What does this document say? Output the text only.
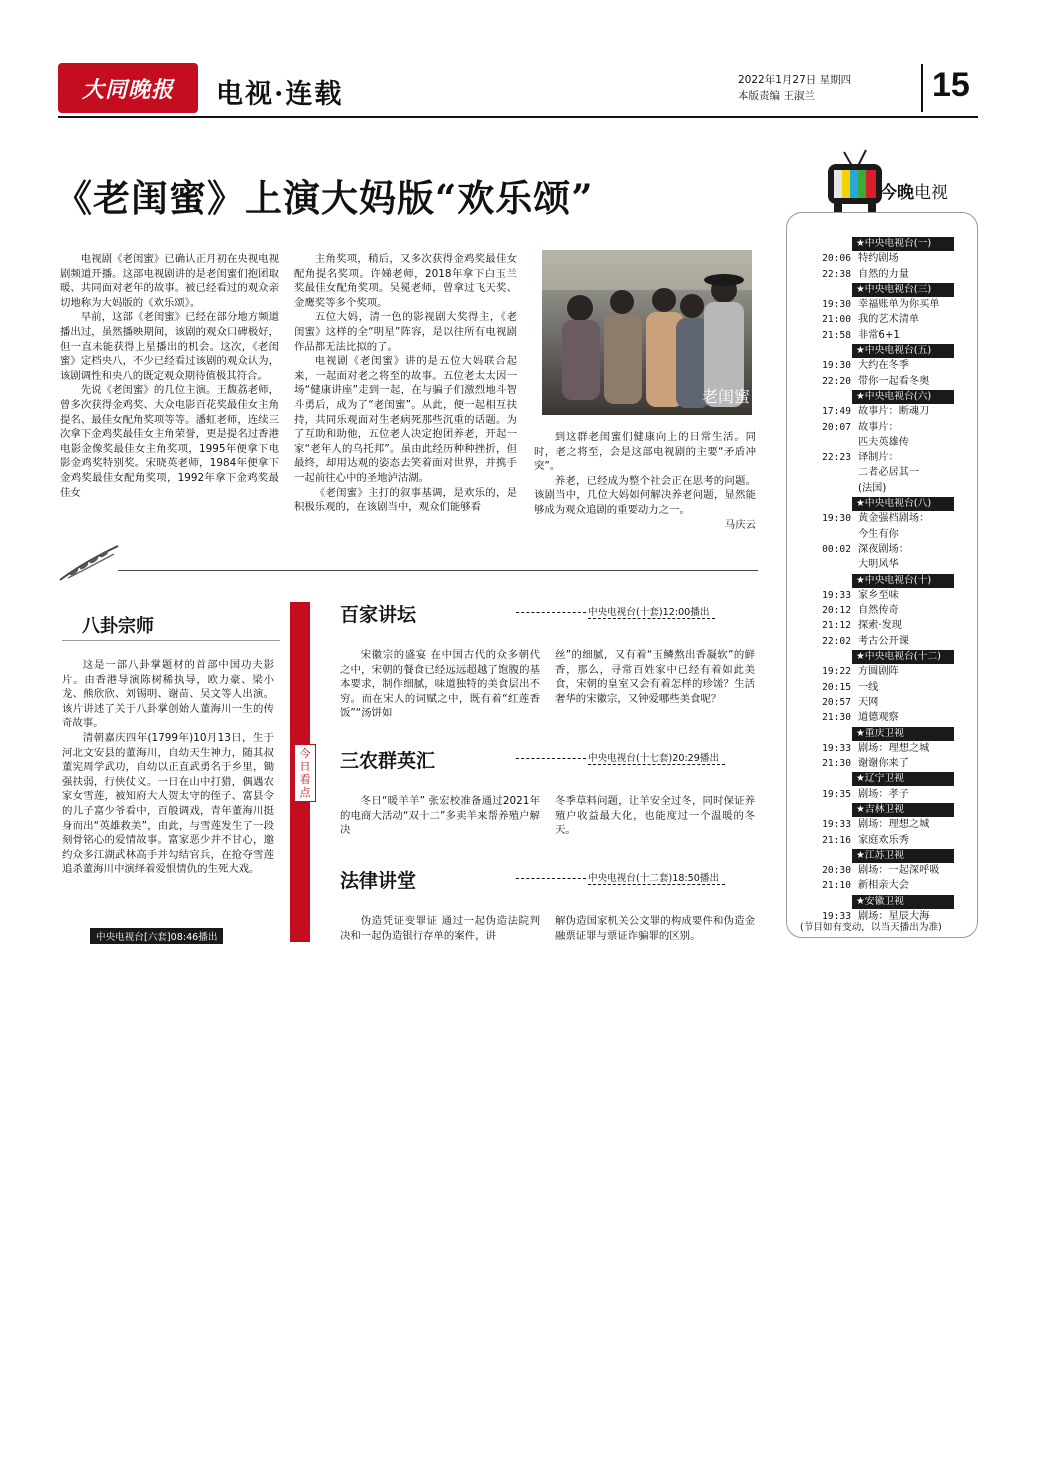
大同晚报 电视·连载	2022年1月27日 星期四
本版责编 王淑兰	15
《老闺蜜》上演大妈版“欢乐颂”

电视剧《老闺蜜》已确认正月初在央视电视剧频道开播。这部电视剧讲的是老闺蜜们抱团取暖、共同面对老年的故事。被已经看过的观众亲切地称为大妈版的《欢乐颂》。

早前，这部《老闺蜜》已经在部分地方频道播出过，虽然播映期间，该剧的观众口碑极好，但一直未能获得上星播出的机会。这次，《老闺蜜》定档央八，不少已经看过该剧的观众认为，该剧调性和央八的既定观众期待值极其符合。

先说《老闺蜜》的几位主演。王馥荔老师，曾多次获得金鸡奖、大众电影百花奖最佳女主角提名、最佳女配角奖项等等。潘虹老师，连续三次拿下金鸡奖最佳女主角荣誉，更是提名过香港电影金像奖最佳女主角奖项，1995年便拿下电影金鸡奖特别奖。宋晓英老师，1984年便拿下金鸡奖最佳女配角奖项，1992年拿下金鸡奖最佳女

主角奖项，稍后，又多次获得金鸡奖最佳女配角提名奖项。许娣老师，2018年拿下白玉兰奖最佳女配角奖项。吴冕老师，曾拿过飞天奖、金鹰奖等多个奖项。

五位大妈，清一色的影视剧大奖得主，《老闺蜜》这样的全“明星”阵容，是以往所有电视剧作品都无法比拟的了。

电视剧《老闺蜜》讲的是五位大妈联合起来，一起面对老之将至的故事。五位老太太因一场“健康讲座”走到一起，在与骗子们激烈地斗智斗勇后，成为了“老闺蜜”。从此，便一起相互扶持，共同乐观面对生老病死那些沉重的话题。为了互助和助他，五位老人决定抱团养老，开起一家“老年人的乌托邦”。虽由此经历种种挫折，但最终，却用达观的姿态去笑着面对世界，并携手一起前往心中的圣地泸沽湖。

《老闺蜜》主打的叙事基调，是欢乐的，是积极乐观的，在该剧当中，观众们能够看

到这群老闺蜜们健康向上的日常生活。同时，老之将至，会是这部电视剧的主要“矛盾冲突”。

养老，已经成为整个社会正在思考的问题。该剧当中，几位大妈如何解决养老问题，显然能够成为观众追剧的重要动力之一。

马庆云
老闺蜜
今晚电视
★中央电视台(一)
20:06 特约剧场
22:38 自然的力量
★中央电视台(三)
19:30 幸福账单为你买单
21:00 我的艺术清单
21:58 非常6+1
★中央电视台(五)
19:30 大约在冬季
22:20 带你一起看冬奥
★中央电视台(六)
17:49 故事片：断魂刀
20:07 故事片：
匹夫英雄传
22:23 译制片：
二者必居其一
(法国)
★中央电视台(八)
19:30 黄金强档剧场：
今生有你
00:02 深夜剧场：
大明风华
★中央电视台(十)
19:33 家乡至味
20:12 自然传奇
21:12 探索·发现
22:02 考古公开课
★中央电视台(十二)
19:22 方圆剧阵
20:15 一线
20:57 天网
21:30 道德观察
★重庆卫视
19:33 剧场：理想之城
21:30 谢谢你来了
★辽宁卫视
19:35 剧场：孝子
★吉林卫视
19:33 剧场：理想之城
21:16 家庭欢乐秀
★江苏卫视
20:30 剧场：一起深呼吸
21:10 新相亲大会
★安徽卫视
19:33 剧场：星辰大海
(节目如有变动，以当天播出为准)
八卦宗师

这是一部八卦掌题材的首部中国功夫影片。由香港导演陈树稀执导，欧力豪、梁小龙、熊欣欣、刘锡明、谢苗、吴文等人出演。该片讲述了关于八卦掌创始人董海川一生的传奇故事。

清朝嘉庆四年(1799年)10月13日，生于河北文安县的董海川，自幼天生神力，随其叔董宪周学武功，自幼以正直武勇名于乡里，锄强扶弱，行侠仗义。一日在山中打猎，偶遇农家女雪莲，被知府大人贺太守的侄子、富县令的儿子富少爷看中，百般调戏，青年董海川挺身而出“英雄救美”，由此，与雪莲发生了一段刻骨铭心的爱情故事。富家恶少并不甘心，邀约众多江湖武林高手并勾结官兵，在抢夺雪莲追杀董海川中演绎着爱恨情仇的生死大戏。

中央电视台[六套]08:46播出
今
日
看
点
百家讲坛	中央电视台(十套)12:00播出
宋徽宗的盛宴 在中国古代的众多朝代之中，宋朝的餐食已经远远超越了饱腹的基本要求，制作细腻，味道独特的美食层出不穷。而在宋人的词赋之中，既有着“红莲香饭”“汤饼如
丝”的细腻，又有着“玉鳞熬出香凝软”的鲜香，那么，寻常百姓家中已经有着如此美食，宋朝的皇室又会有着怎样的珍馐？生活奢华的宋徽宗，又钟爱哪些美食呢？
三农群英汇	中央电视台(十七套)20:29播出
冬日“暖羊羊” 张宏校准备通过2021年的电商大活动“双十二”多卖羊来帮养殖户解决
冬季草料问题，让羊安全过冬，同时保证养殖户收益最大化，也能度过一个温暖的冬天。
法律讲堂	中央电视台(十二套)18:50播出
伪造凭证变罪证 通过一起伪造法院判决和一起伪造银行存单的案件，讲
解伪造国家机关公文罪的构成要件和伪造金融票证罪与票证诈骗罪的区别。
